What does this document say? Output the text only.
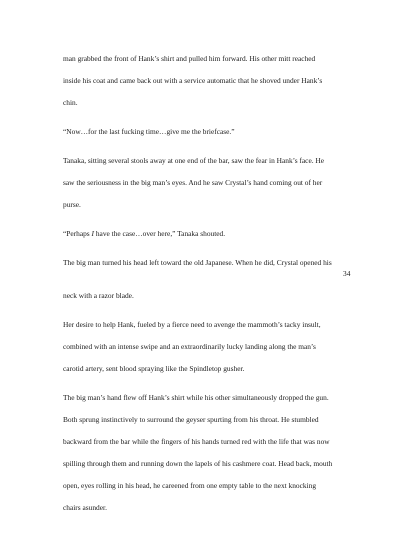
man grabbed the front of Hank’s shirt and pulled him forward. His other mitt reached
inside his coat and came back out with a service automatic that he shoved under Hank’s
chin.
“Now…for the last fucking time…give me the briefcase.”
Tanaka, sitting several stools away at one end of the bar, saw the fear in Hank’s face. He
saw the seriousness in the big man’s eyes. And he saw Crystal’s hand coming out of her
purse.
“Perhaps I have the case…over here,” Tanaka shouted.
The big man turned his head left toward the old Japanese. When he did, Crystal opened his
34
neck with a razor blade.
Her desire to help Hank, fueled by a fierce need to avenge the mammoth’s tacky insult,
combined with an intense swipe and an extraordinarily lucky landing along the man’s
carotid artery, sent blood spraying like the Spindletop gusher.
The big man’s hand flew off Hank’s shirt while his other simultaneously dropped the gun.
Both sprung instinctively to surround the geyser spurting from his throat. He stumbled
backward from the bar while the fingers of his hands turned red with the life that was now
spilling through them and running down the lapels of his cashmere coat. Head back, mouth
open, eyes rolling in his head, he careened from one empty table to the next knocking
chairs asunder.
